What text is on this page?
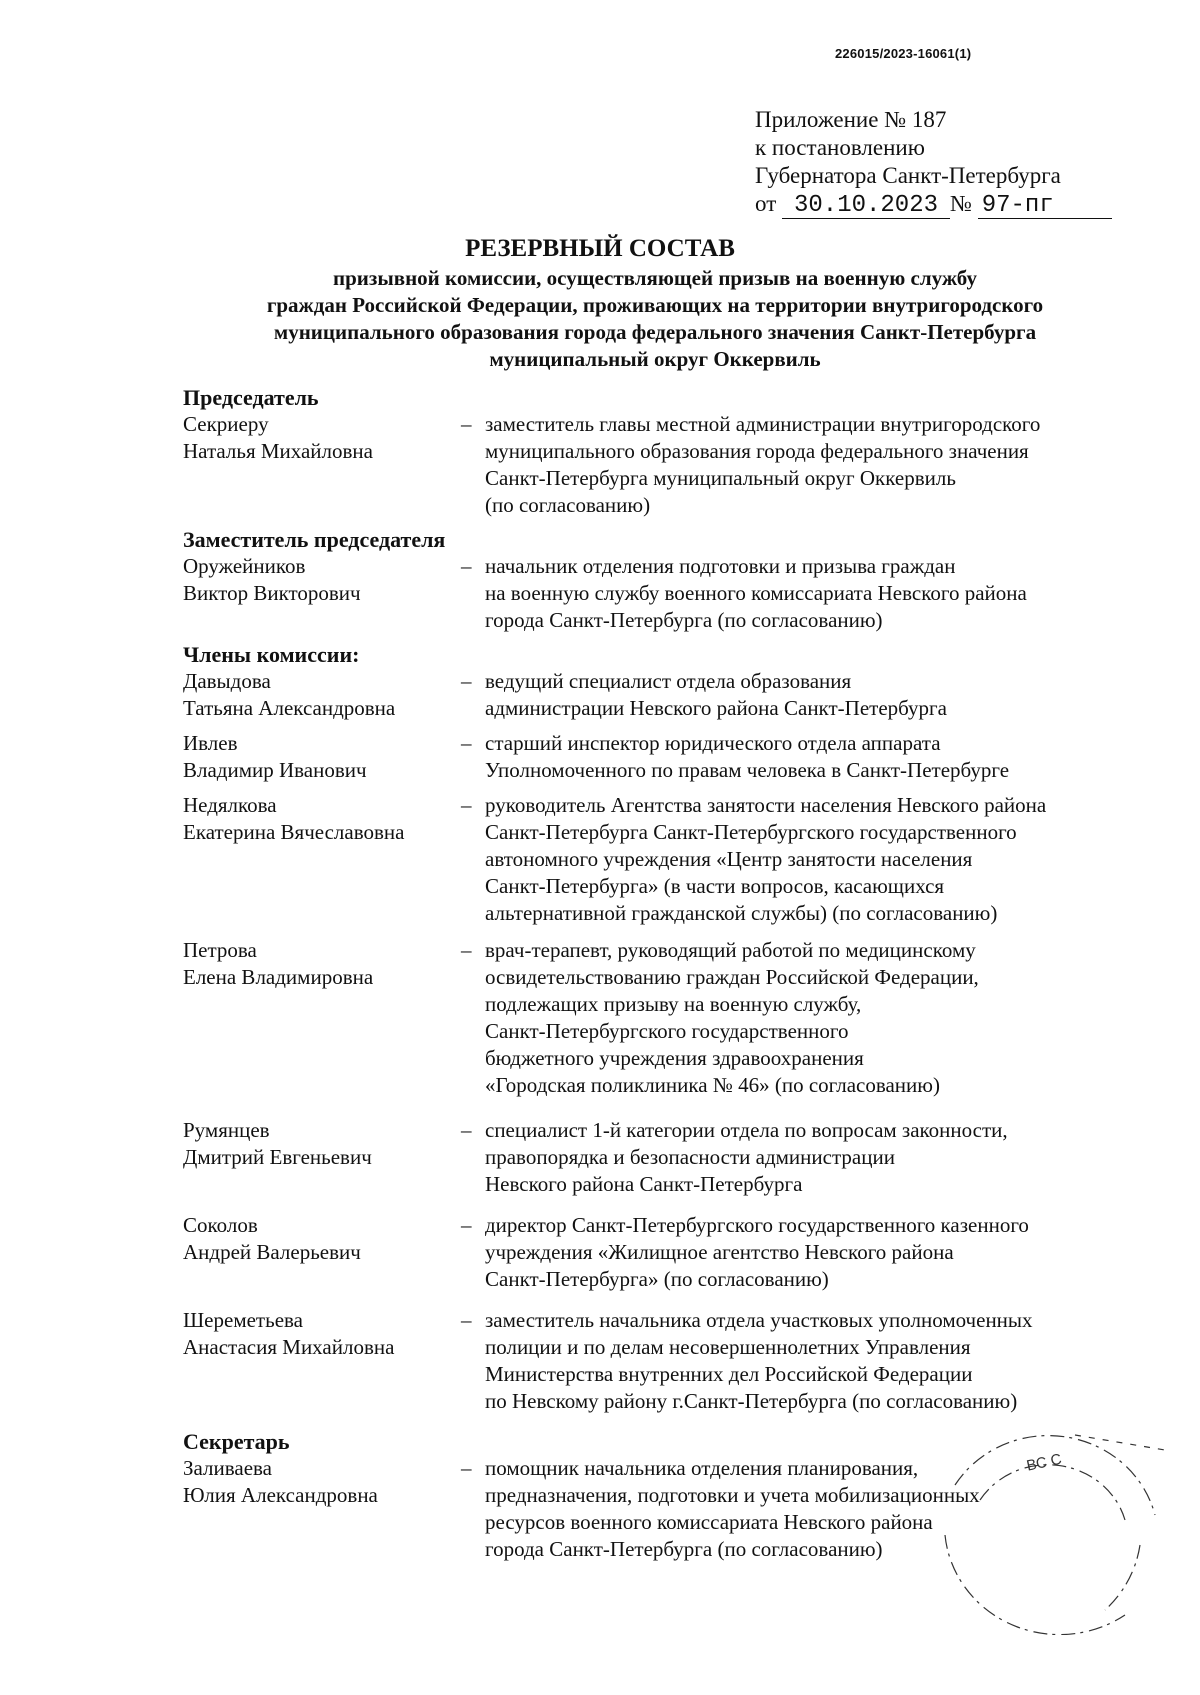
226015/2023-16061(1)
Приложение № 187
к постановлению
Губернатора Санкт-Петербурга
от 30.10.2023 № 97-пг
РЕЗЕРВНЫЙ СОСТАВ
призывной комиссии, осуществляющей призыв на военную службу
граждан Российской Федерации, проживающих на территории внутригородского
муниципального образования города федерального значения Санкт-Петербурга
муниципальный округ Оккервиль
Председатель
Секриеру
Наталья Михайловна
– заместитель главы местной администрации внутригородского
муниципального образования города федерального значения
Санкт-Петербурга муниципальный округ Оккервиль
(по согласованию)
Заместитель председателя
Оружейников
Виктор Викторович
– начальник отделения подготовки и призыва граждан
на военную службу военного комиссариата Невского района
города Санкт-Петербурга (по согласованию)
Члены комиссии:
Давыдова
Татьяна Александровна
– ведущий специалист отдела образования
администрации Невского района Санкт-Петербурга
Ивлев
Владимир Иванович
– старший инспектор юридического отдела аппарата
Уполномоченного по правам человека в Санкт-Петербурге
Недялкова
Екатерина Вячеславовна
– руководитель Агентства занятости населения Невского района
Санкт-Петербурга Санкт-Петербургского государственного
автономного учреждения «Центр занятости населения
Санкт-Петербурга» (в части вопросов, касающихся
альтернативной гражданской службы) (по согласованию)
Петрова
Елена Владимировна
– врач-терапевт, руководящий работой по медицинскому
освидетельствованию граждан Российской Федерации,
подлежащих призыву на военную службу,
Санкт-Петербургского государственного
бюджетного учреждения здравоохранения
«Городская поликлиника № 46» (по согласованию)
Румянцев
Дмитрий Евгеньевич
– специалист 1-й категории отдела по вопросам законности,
правопорядка и безопасности администрации
Невского района Санкт-Петербурга
Соколов
Андрей Валерьевич
– директор Санкт-Петербургского государственного казенного
учреждения «Жилищное агентство Невского района
Санкт-Петербурга» (по согласованию)
Шереметьева
Анастасия Михайловна
– заместитель начальника отдела участковых уполномоченных
полиции и по делам несовершеннолетних Управления
Министерства внутренних дел Российской Федерации
по Невскому району г.Санкт-Петербурга (по согласованию)
Секретарь
Заливаева
Юлия Александровна
– помощник начальника отделения планирования,
предназначения, подготовки и учета мобилизационных
ресурсов военного комиссариата Невского района
города Санкт-Петербурга (по согласованию)
ВС С
